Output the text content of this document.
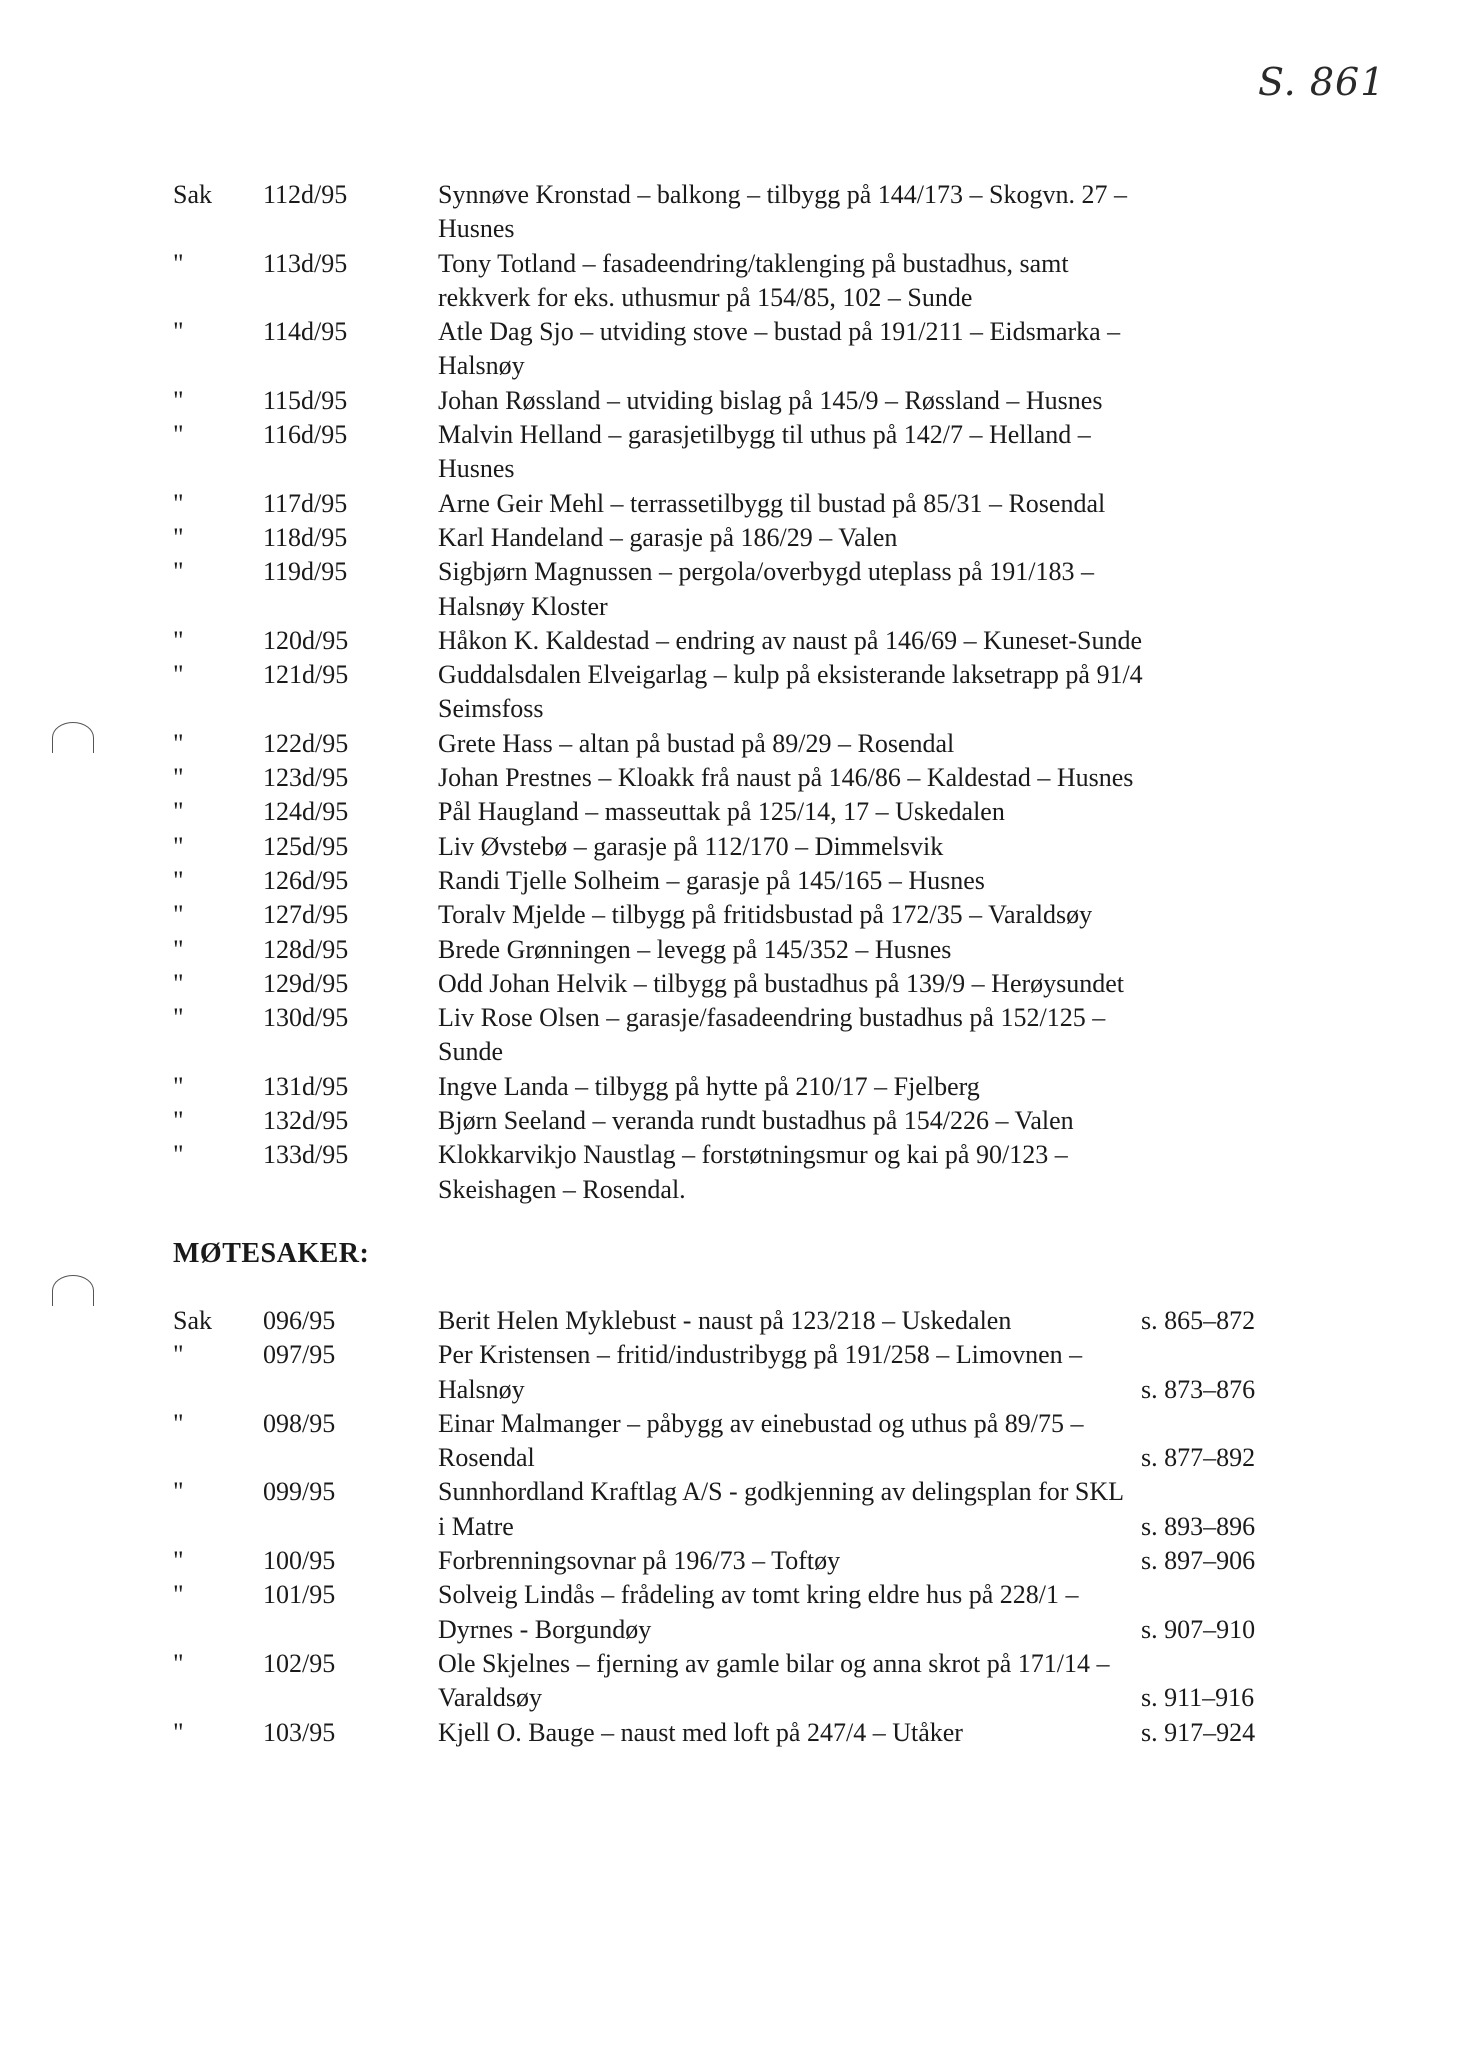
S. 861
Sak 112d/95	Synnøve Kronstad – balkong – tilbygg på 144/173 – Skogvn. 27 –
Husnes
"	113d/95	Tony Totland – fasadeendring/taklenging på bustadhus, samt
rekkverk for eks. uthusmur på 154/85, 102 – Sunde
"	114d/95	Atle Dag Sjo – utviding stove – bustad på 191/211 – Eidsmarka –
Halsnøy
"	115d/95	Johan Røssland – utviding bislag på 145/9 – Røssland – Husnes
"	116d/95	Malvin Helland – garasjetilbygg til uthus på 142/7 – Helland –
Husnes
"	117d/95	Arne Geir Mehl – terrassetilbygg til bustad på 85/31 – Rosendal
"	118d/95	Karl Handeland – garasje på 186/29 – Valen
"	119d/95	Sigbjørn Magnussen – pergola/overbygd uteplass på 191/183 –
Halsnøy Kloster
"	120d/95	Håkon K. Kaldestad – endring av naust på 146/69 – Kuneset-Sunde
"	121d/95	Guddalsdalen Elveigarlag – kulp på eksisterande laksetrapp på 91/4
Seimsfoss
"	122d/95	Grete Hass – altan på bustad på 89/29 – Rosendal
"	123d/95	Johan Prestnes – Kloakk frå naust på 146/86 – Kaldestad – Husnes
"	124d/95	Pål Haugland – masseuttak på 125/14, 17 – Uskedalen
"	125d/95	Liv Øvstebø – garasje på 112/170 – Dimmelsvik
"	126d/95	Randi Tjelle Solheim – garasje på 145/165 – Husnes
"	127d/95	Toralv Mjelde – tilbygg på fritidsbustad på 172/35 – Varaldsøy
"	128d/95	Brede Grønningen – levegg på 145/352 – Husnes
"	129d/95	Odd Johan Helvik – tilbygg på bustadhus på 139/9 – Herøysundet
"	130d/95	Liv Rose Olsen – garasje/fasadeendring bustadhus på 152/125 –
Sunde
"	131d/95	Ingve Landa – tilbygg på hytte på 210/17 – Fjelberg
"	132d/95	Bjørn Seeland – veranda rundt bustadhus på 154/226 – Valen
"	133d/95	Klokkarvikjo Naustlag – forstøtningsmur og kai på 90/123 –
Skeishagen – Rosendal.
MØTESAKER:
Sak 096/95	Berit Helen Myklebust - naust på 123/218 – Uskedalen	s. 865–872
"	097/95	Per Kristensen – fritid/industribygg på 191/258 – Limovnen –
Halsnøy	s. 873–876
"	098/95	Einar Malmanger – påbygg av einebustad og uthus på 89/75 –
Rosendal	s. 877–892
"	099/95	Sunnhordland Kraftlag A/S - godkjenning av delingsplan for SKL
i Matre	s. 893–896
"	100/95	Forbrenningsovnar på 196/73 – Toftøy	s. 897–906
"	101/95	Solveig Lindås – frådeling av tomt kring eldre hus på 228/1 –
Dyrnes - Borgundøy	s. 907–910
"	102/95	Ole Skjelnes – fjerning av gamle bilar og anna skrot på 171/14 –
Varaldsøy	s. 911–916
"	103/95	Kjell O. Bauge – naust med loft på 247/4 – Utåker	s. 917–924
